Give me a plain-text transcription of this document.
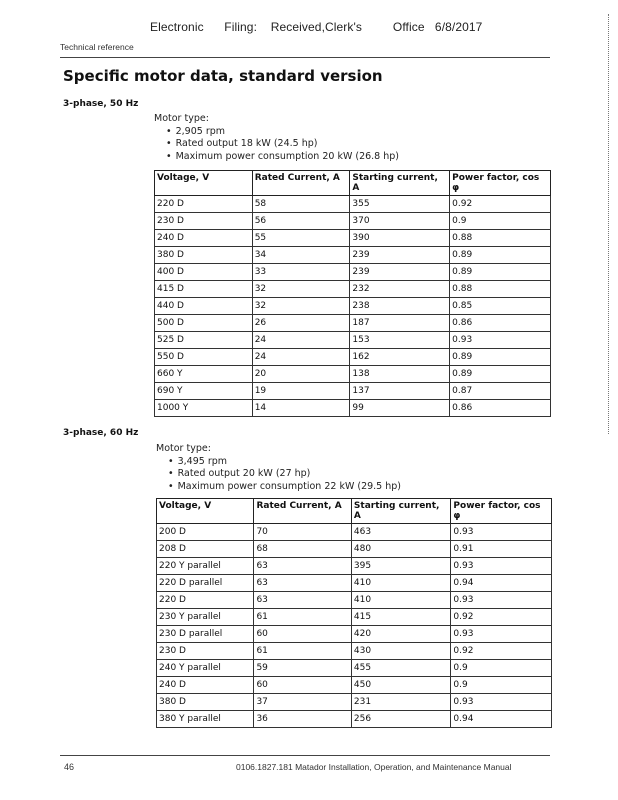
Electronic      Filing:    Received,Clerk's         Office   6/8/2017
Technical reference
Specific motor data, standard version
3-phase, 50 Hz
Motor type:
• 2,905 rpm
• Rated output 18 kW (24.5 hp)
• Maximum power consumption 20 kW (26.8 hp)
Voltage, V	Rated Current, A	Starting current, A	Power factor, cos φ
220 D	58	355	0.92
230 D	56	370	0.9
240 D	55	390	0.88
380 D	34	239	0.89
400 D	33	239	0.89
415 D	32	232	0.88
440 D	32	238	0.85
500 D	26	187	0.86
525 D	24	153	0.93
550 D	24	162	0.89
660 Y	20	138	0.89
690 Y	19	137	0.87
1000 Y	14	99	0.86
3-phase, 60 Hz
Motor type:
• 3,495 rpm
• Rated output 20 kW (27 hp)
• Maximum power consumption 22 kW (29.5 hp)
Voltage, V	Rated Current, A	Starting current, A	Power factor, cos φ
200 D	70	463	0.93
208 D	68	480	0.91
220 Y parallel	63	395	0.93
220 D parallel	63	410	0.94
220 D	63	410	0.93
230 Y parallel	61	415	0.92
230 D parallel	60	420	0.93
230 D	61	430	0.92
240 Y parallel	59	455	0.9
240 D	60	450	0.9
380 D	37	231	0.93
380 Y parallel	36	256	0.94
46	0106.1827.181 Matador Installation, Operation, and Maintenance Manual
